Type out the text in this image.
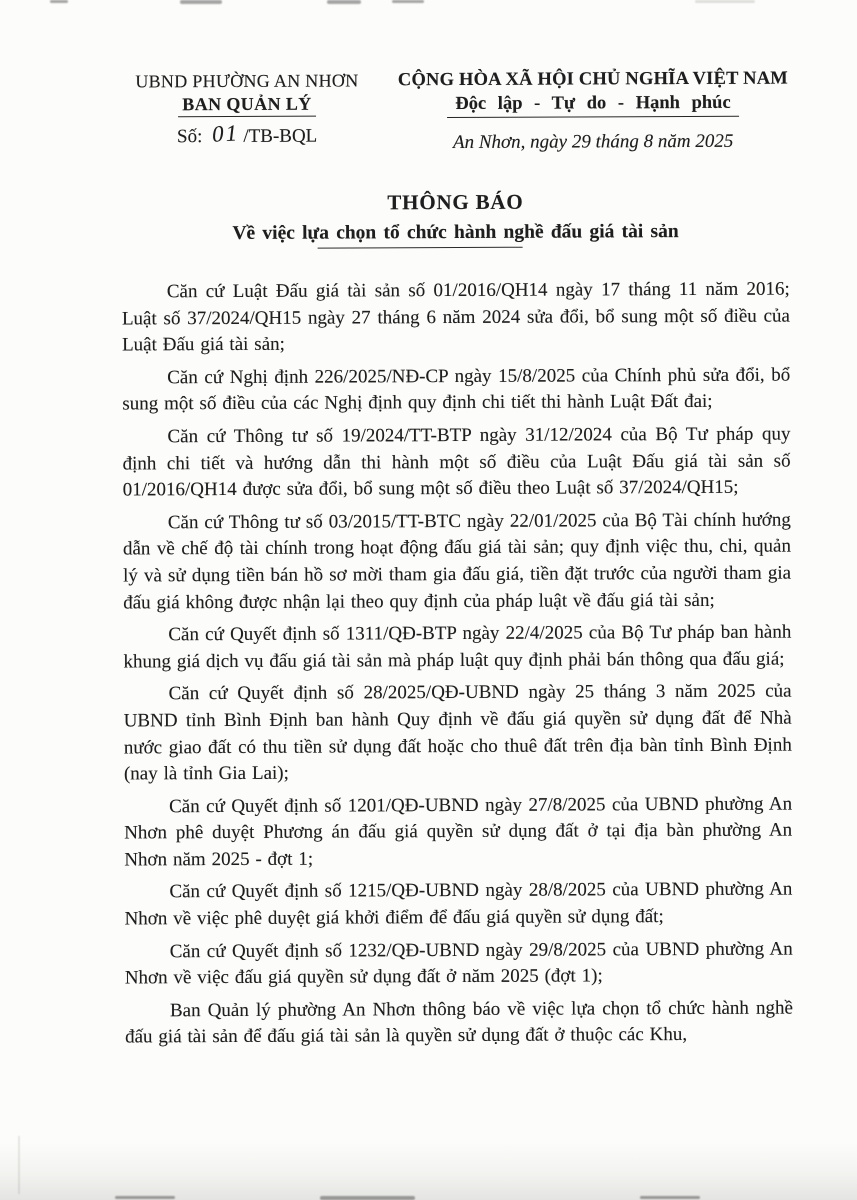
UBND PHƯỜNG AN NHƠN
BAN QUẢN LÝ
Số: 01 /TB-BQL
CỘNG HÒA XÃ HỘI CHỦ NGHĨA VIỆT NAM
Độc lập - Tự do - Hạnh phúc
An Nhơn, ngày 29 tháng 8 năm 2025
THÔNG BÁO
Về việc lựa chọn tổ chức hành nghề đấu giá tài sản

Căn cứ Luật Đấu giá tài sản số 01/2016/QH14 ngày 17 tháng 11 năm 2016; Luật số 37/2024/QH15 ngày 27 tháng 6 năm 2024 sửa đổi, bổ sung một số điều của Luật Đấu giá tài sản;

Căn cứ Nghị định 226/2025/NĐ-CP ngày 15/8/2025 của Chính phủ sửa đổi, bổ sung một số điều của các Nghị định quy định chi tiết thi hành Luật Đất đai;

Căn cứ Thông tư số 19/2024/TT-BTP ngày 31/12/2024 của Bộ Tư pháp quy định chi tiết và hướng dẫn thi hành một số điều của Luật Đấu giá tài sản số 01/2016/QH14 được sửa đổi, bổ sung một số điều theo Luật số 37/2024/QH15;

Căn cứ Thông tư số 03/2015/TT-BTC ngày 22/01/2025 của Bộ Tài chính hướng dẫn về chế độ tài chính trong hoạt động đấu giá tài sản; quy định việc thu, chi, quản lý và sử dụng tiền bán hồ sơ mời tham gia đấu giá, tiền đặt trước của người tham gia đấu giá không được nhận lại theo quy định của pháp luật về đấu giá tài sản;

Căn cứ Quyết định số 1311/QĐ-BTP ngày 22/4/2025 của Bộ Tư pháp ban hành khung giá dịch vụ đấu giá tài sản mà pháp luật quy định phải bán thông qua đấu giá;

Căn cứ Quyết định số 28/2025/QĐ-UBND ngày 25 tháng 3 năm 2025 của UBND tỉnh Bình Định ban hành Quy định về đấu giá quyền sử dụng đất để Nhà nước giao đất có thu tiền sử dụng đất hoặc cho thuê đất trên địa bàn tỉnh Bình Định (nay là tỉnh Gia Lai);

Căn cứ Quyết định số 1201/QĐ-UBND ngày 27/8/2025 của UBND phường An Nhơn phê duyệt Phương án đấu giá quyền sử dụng đất ở tại địa bàn phường An Nhơn năm 2025 - đợt 1;

Căn cứ Quyết định số 1215/QĐ-UBND ngày 28/8/2025 của UBND phường An Nhơn về việc phê duyệt giá khởi điểm để đấu giá quyền sử dụng đất;

Căn cứ Quyết định số 1232/QĐ-UBND ngày 29/8/2025 của UBND phường An Nhơn về việc đấu giá quyền sử dụng đất ở năm 2025 (đợt 1);

Ban Quản lý phường An Nhơn thông báo về việc lựa chọn tổ chức hành nghề đấu giá tài sản để đấu giá tài sản là quyền sử dụng đất ở thuộc các Khu,
